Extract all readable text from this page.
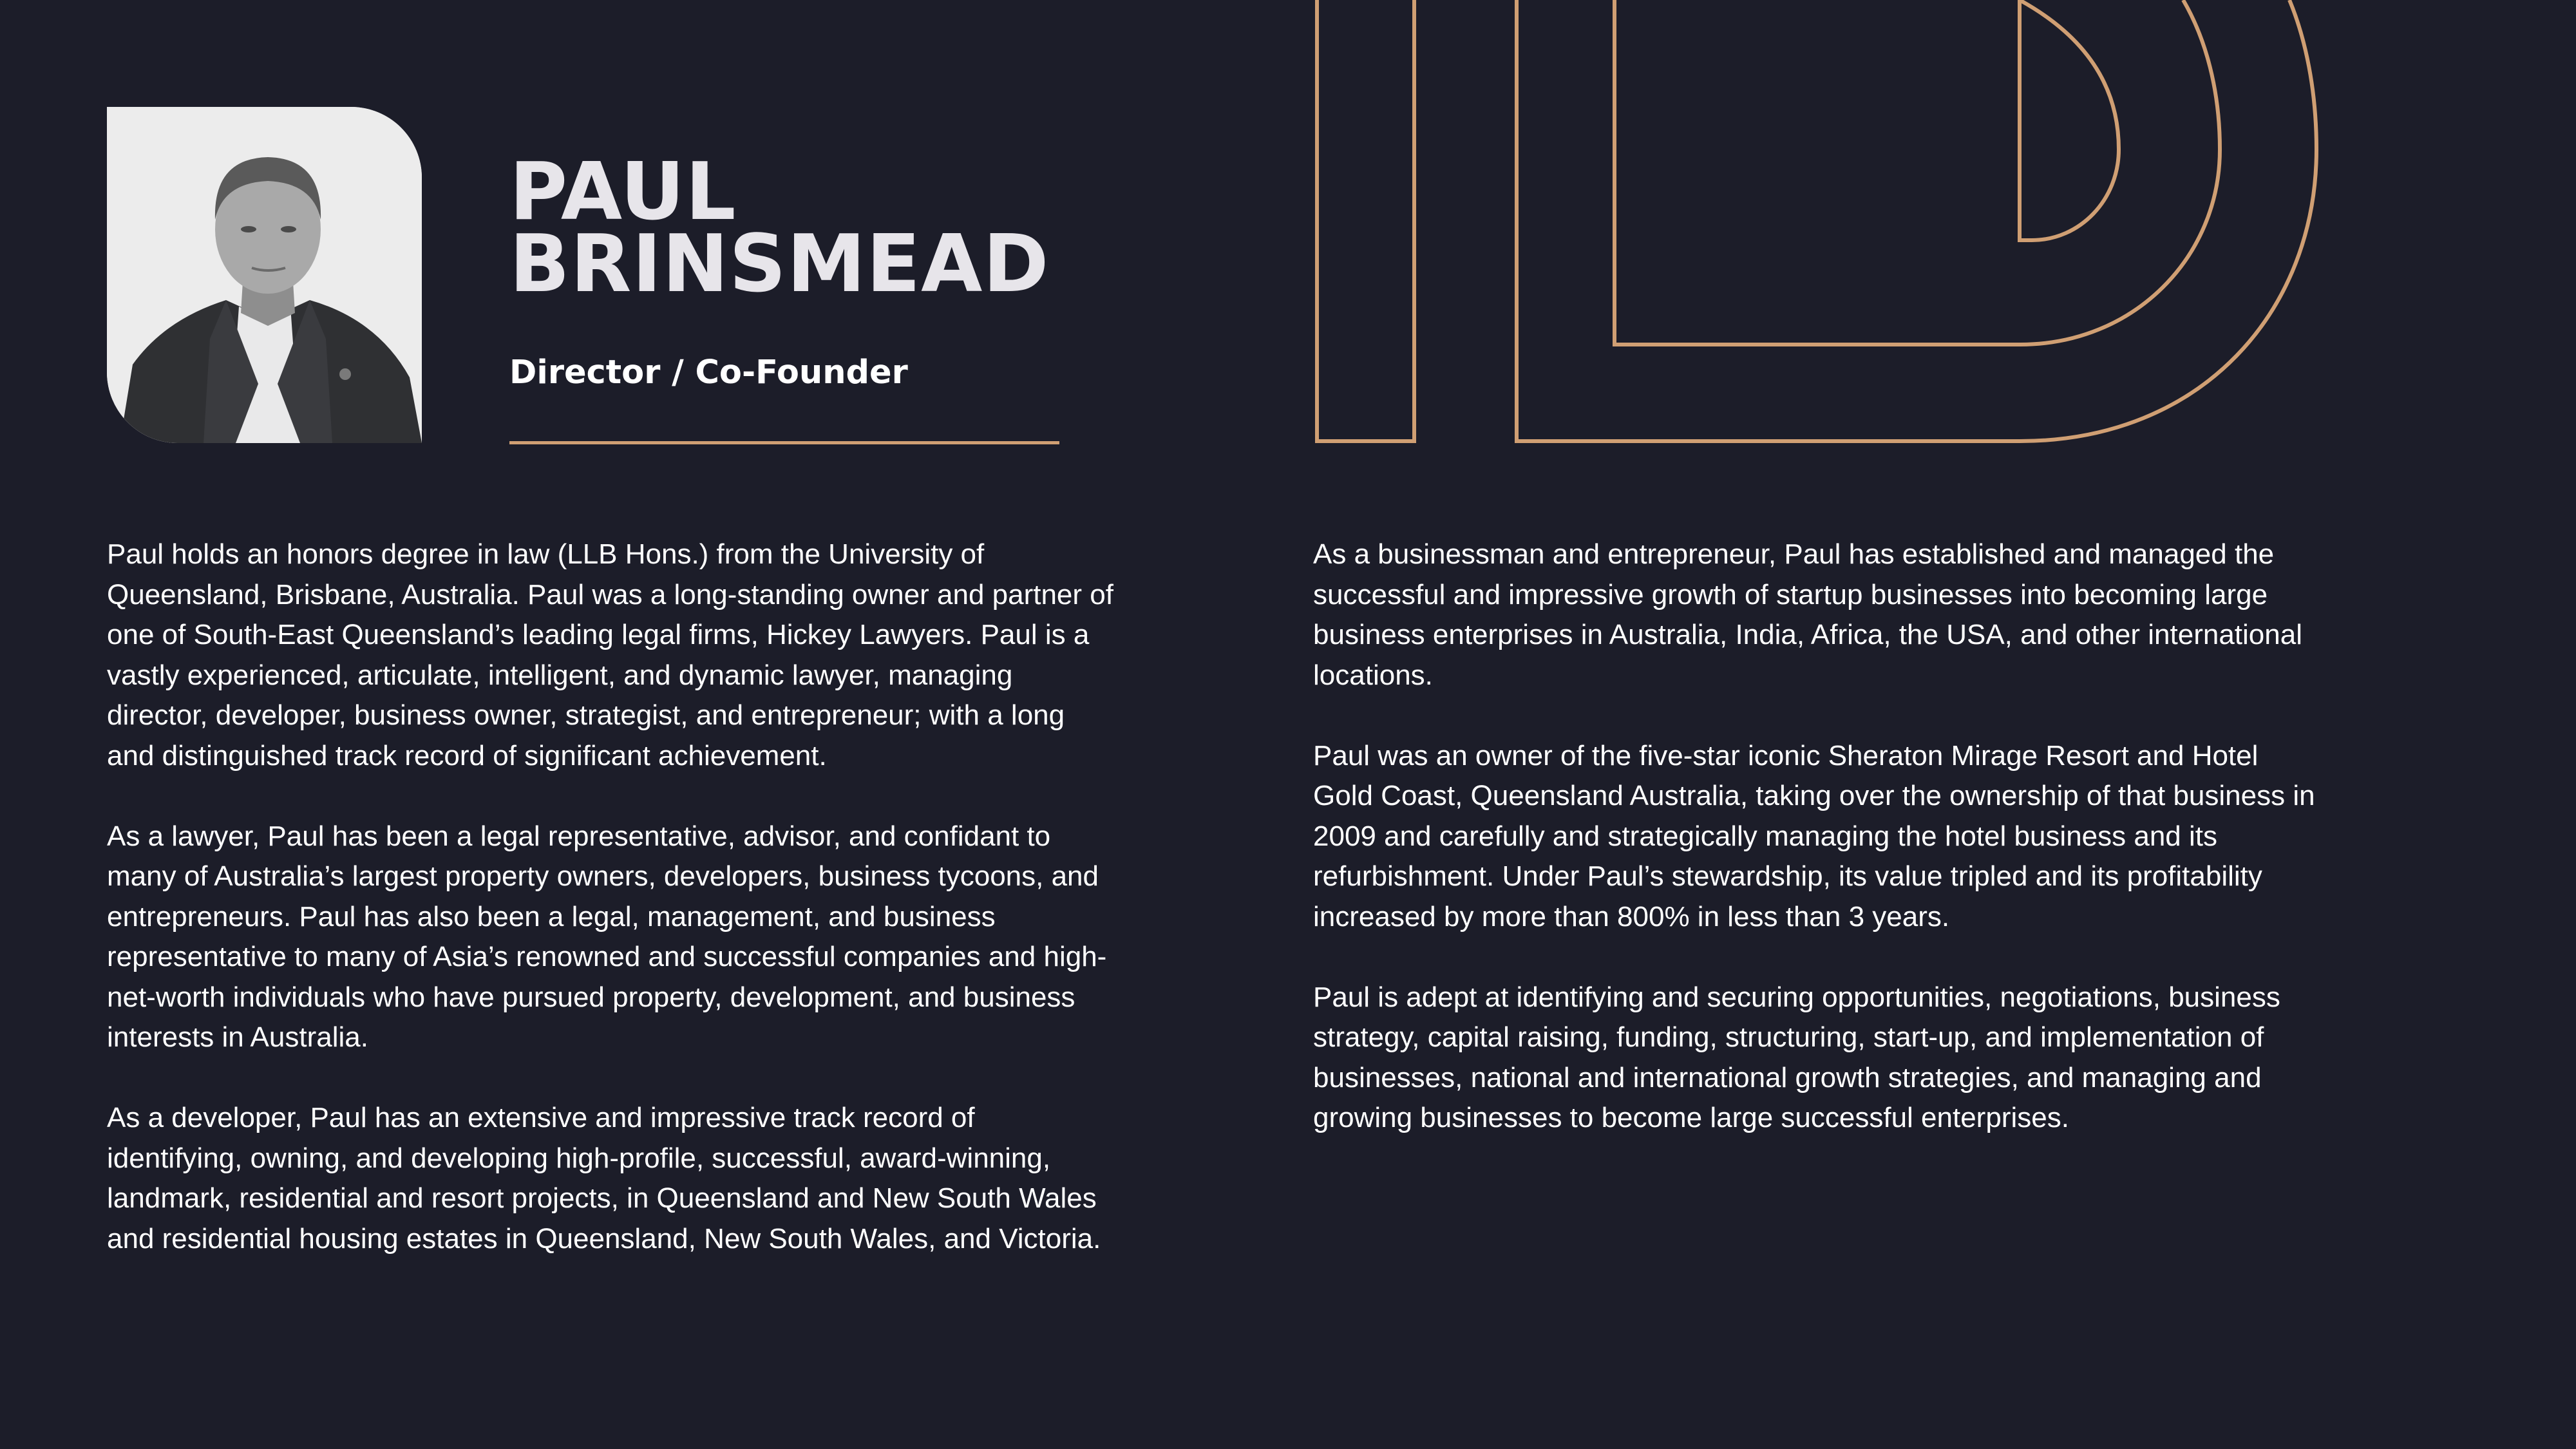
PAUL
BRINSMEAD
Director / Co-Founder

Paul holds an honors degree in law (LLB Hons.) from the University of Queensland, Brisbane, Australia. Paul was a long-standing owner and partner of one of South-East Queensland’s leading legal firms, Hickey Lawyers. Paul is a vastly experienced, articulate, intelligent, and dynamic lawyer, managing director, developer, business owner, strategist, and entrepreneur; with a long and distinguished track record of significant achievement.

As a lawyer, Paul has been a legal representative, advisor, and confidant to many of Australia’s largest property owners, developers, business tycoons, and entrepreneurs. Paul has also been a legal, management, and business representative to many of Asia’s renowned and successful companies and high-net-worth individuals who have pursued property, development, and business interests in Australia.

As a developer, Paul has an extensive and impressive track record of identifying, owning, and developing high-profile, successful, award-winning, landmark, residential and resort projects, in Queensland and New South Wales and residential housing estates in Queensland, New South Wales, and Victoria.

As a businessman and entrepreneur, Paul has established and managed the successful and impressive growth of startup businesses into becoming large business enterprises in Australia, India, Africa, the USA, and other international locations.

Paul was an owner of the five-star iconic Sheraton Mirage Resort and Hotel Gold Coast, Queensland Australia, taking over the ownership of that business in 2009 and carefully and strategically managing the hotel business and its refurbishment. Under Paul’s stewardship, its value tripled and its profitability increased by more than 800% in less than 3 years.

Paul is adept at identifying and securing opportunities, negotiations, business strategy, capital raising, funding, structuring, start-up, and implementation of businesses, national and international growth strategies, and managing and growing businesses to become large successful enterprises.
